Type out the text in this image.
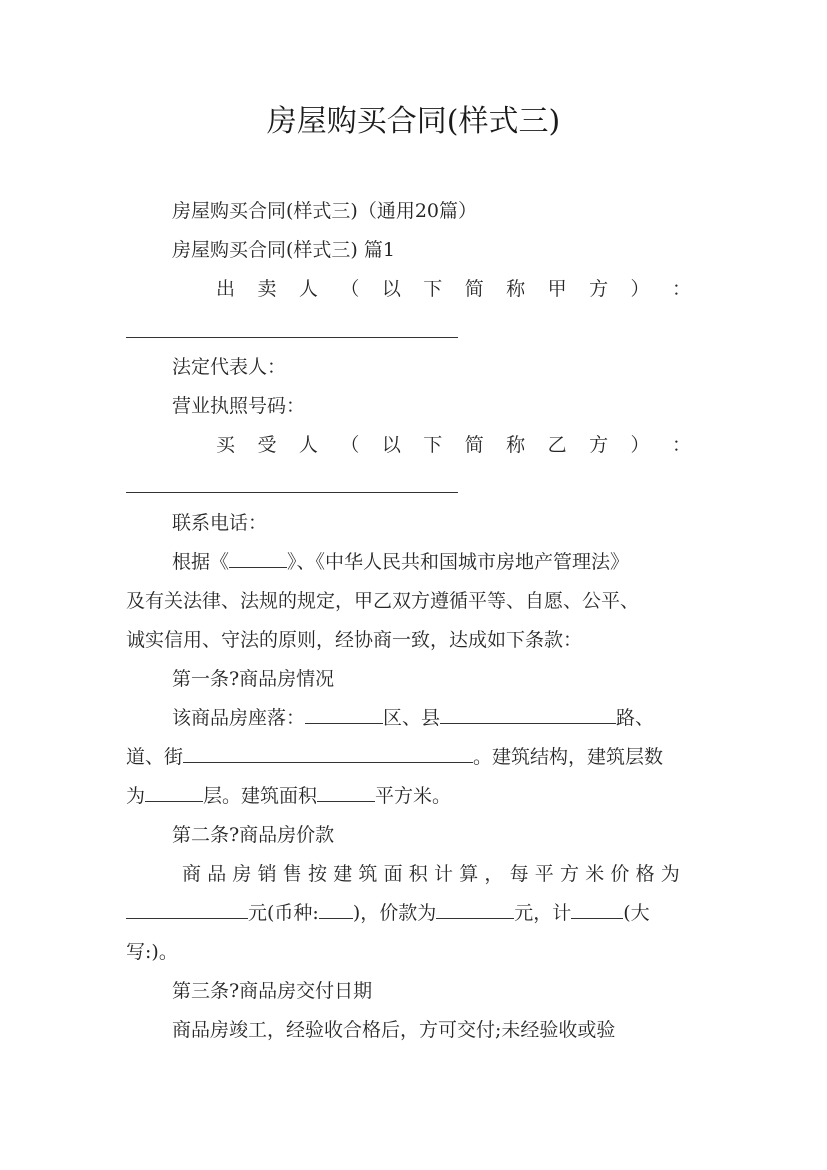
房屋购买合同(样式三)
房屋购买合同(样式三)（通用20篇）
房屋购买合同(样式三) 篇1
出 卖 人 （ 以 下 简 称 甲 方 ） ：
法定代表人：
营业执照号码：
买 受 人 （ 以 下 简 称 乙 方 ） ：
联系电话：
根据《	》、《中华人民共和国城市房地产管理法》
及有关法律、法规的规定，甲乙双方遵循平等、自愿、公平、
诚实信用、守法的原则，经协商一致，达成如下条款：
第一条?商品房情况
该商品房座落：	区、县	路、
道、街	。建筑结构，建筑层数
为	层。建筑面积	平方米。
第二条?商品房价款
商品房销售按建筑面积计算，每平方米价格为
元(币种: )，价款为	元，计	(大
写:)。
第三条?商品房交付日期
商品房竣工，经验收合格后，方可交付;未经验收或验
